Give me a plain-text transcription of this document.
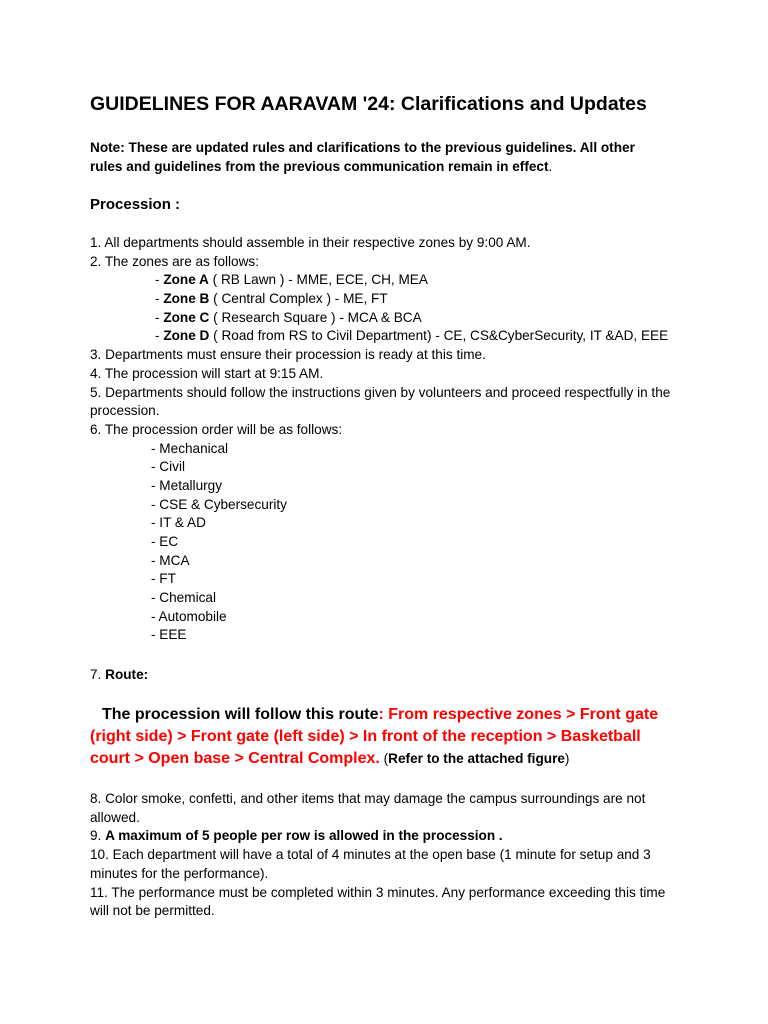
GUIDELINES FOR AARAVAM '24: Clarifications and Updates
Note: These are updated rules and clarifications to the previous guidelines. All other rules and guidelines from the previous communication remain in effect.
Procession :
1. All departments should assemble in their respective zones by 9:00 AM.
2. The zones are as follows:
- Zone A ( RB Lawn ) - MME, ECE, CH, MEA
- Zone B ( Central Complex ) - ME, FT
- Zone C ( Research Square ) - MCA & BCA
- Zone D ( Road from RS to Civil Department) - CE, CS&CyberSecurity, IT &AD, EEE
3. Departments must ensure their procession is ready at this time.
4. The procession will start at 9:15 AM.
5. Departments should follow the instructions given by volunteers and proceed respectfully in the procession.
6. The procession order will be as follows:
- Mechanical
- Civil
- Metallurgy
- CSE & Cybersecurity
- IT & AD
- EC
- MCA
- FT
- Chemical
- Automobile
- EEE
7. Route:
The procession will follow this route: From respective zones > Front gate (right side) > Front gate (left side) > In front of the reception > Basketball court > Open base > Central Complex. (Refer to the attached figure)
8. Color smoke, confetti, and other items that may damage the campus surroundings are not allowed.
9. A maximum of 5 people per row is allowed in the procession .
10. Each department will have a total of 4 minutes at the open base (1 minute for setup and 3 minutes for the performance).
11. The performance must be completed within 3 minutes. Any performance exceeding this time will not be permitted.
